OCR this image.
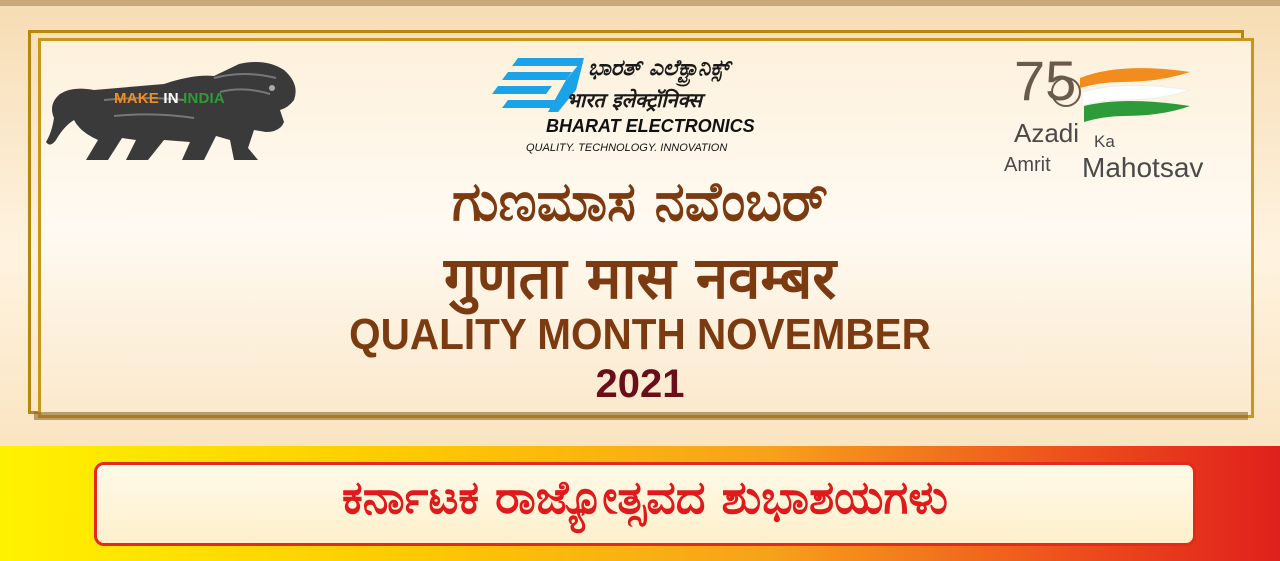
MAKE IN INDIA
ಭಾರತ್ ಎಲೆಕ್ಟ್ರಾನಿಕ್ಸ್
भारत इलेक्ट्रॉनिक्स
BHARAT ELECTRONICS
QUALITY. TECHNOLOGY. INNOVATION
75
Azadi Ka
Amrit Mahotsav
ಗುಣಮಾಸ ನವೆಂಬರ್
गुणता मास नवम्बर
QUALITY MONTH NOVEMBER
2021
ಕರ್ನಾಟಕ ರಾಜ್ಯೋತ್ಸವದ ಶುಭಾಶಯಗಳು
